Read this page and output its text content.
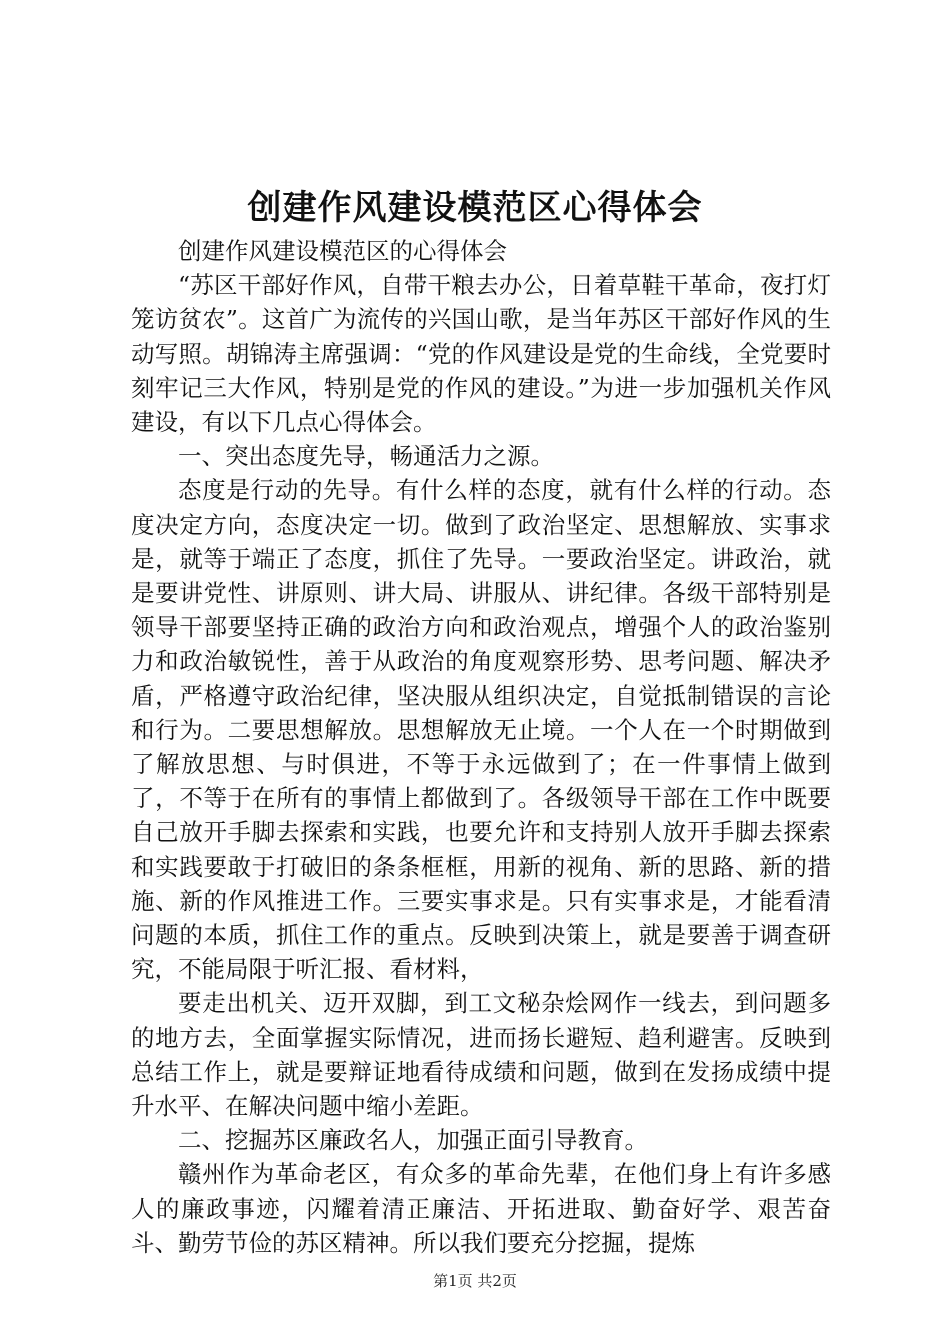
创建作风建设模范区心得体会

创建作风建设模范区的心得体会

“苏区干部好作风，自带干粮去办公，日着草鞋干革命，夜打灯笼访贫农”。这首广为流传的兴国山歌，是当年苏区干部好作风的生动写照。胡锦涛主席强调：“党的作风建设是党的生命线，全党要时刻牢记三大作风，特别是党的作风的建设。”为进一步加强机关作风建设，有以下几点心得体会。

一、突出态度先导，畅通活力之源。

态度是行动的先导。有什么样的态度，就有什么样的行动。态度决定方向，态度决定一切。做到了政治坚定、思想解放、实事求是，就等于端正了态度，抓住了先导。一要政治坚定。讲政治，就是要讲党性、讲原则、讲大局、讲服从、讲纪律。各级干部特别是领导干部要坚持正确的政治方向和政治观点，增强个人的政治鉴别力和政治敏锐性，善于从政治的角度观察形势、思考问题、解决矛盾，严格遵守政治纪律，坚决服从组织决定，自觉抵制错误的言论和行为。二要思想解放。思想解放无止境。一个人在一个时期做到了解放思想、与时俱进，不等于永远做到了；在一件事情上做到了，不等于在所有的事情上都做到了。各级领导干部在工作中既要自己放开手脚去探索和实践，也要允许和支持别人放开手脚去探索和实践要敢于打破旧的条条框框，用新的视角、新的思路、新的措施、新的作风推进工作。三要实事求是。只有实事求是，才能看清问题的本质，抓住工作的重点。反映到决策上，就是要善于调查研究，不能局限于听汇报、看材料，

要走出机关、迈开双脚，到工文秘杂烩网作一线去，到问题多的地方去，全面掌握实际情况，进而扬长避短、趋利避害。反映到总结工作上，就是要辩证地看待成绩和问题，做到在发扬成绩中提升水平、在解决问题中缩小差距。

二、挖掘苏区廉政名人，加强正面引导教育。

赣州作为革命老区，有众多的革命先辈，在他们身上有许多感人的廉政事迹，闪耀着清正廉洁、开拓进取、勤奋好学、艰苦奋斗、勤劳节俭的苏区精神。所以我们要充分挖掘，提炼

第1页 共2页
